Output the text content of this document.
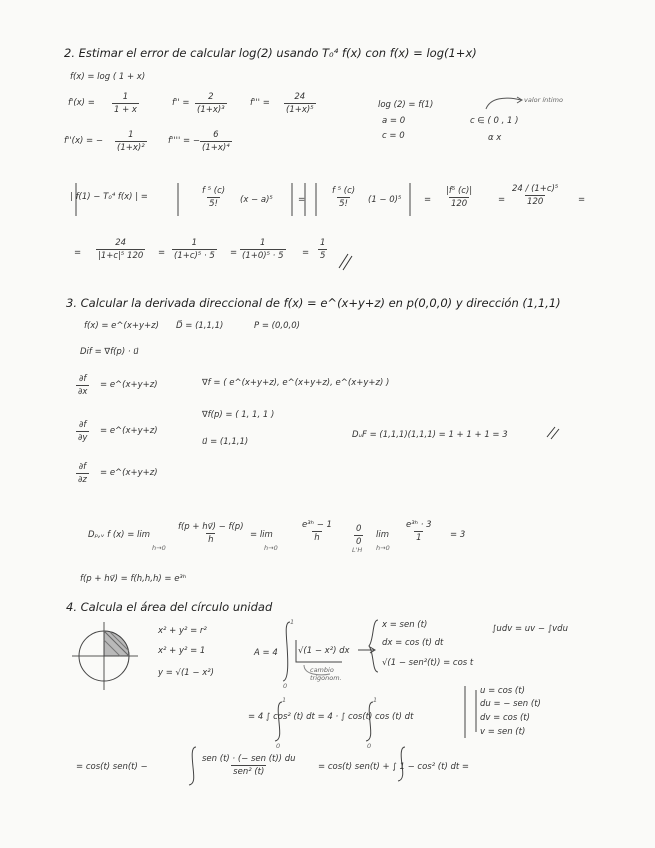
2. Estimar el error de calcular log(2) usando T₀⁴ f(x) con f(x) = log(1+x)
f(x) = log ( 1 + x)
$f'(x) = \frac{1}{1 + x}$	$f'' = \frac{2}{\text{(1+x)³}}$	$f''' = \frac{24}{\text{(1+x)⁵}}$
f''(x) = − $\frac{1}{\text{(1+x)²}}$	f'''' = − $\frac{6}{\text{(1+x)⁴}}$
log (2) = f(1)
a = 0
c = 0
c ∈ ( 0 , 1 )
α x
valor íntimo
| f(1) − T₀⁴ f(x) | =	$\frac{\text{f ⁵ (c)}}{5!} (x - a)^5$	=	$\frac{\text{f ⁵ (c)}}{5!} (1 - 0)^5$	= $\frac{\text{|f⁵ (c)|}}{120}$	= $\frac{\text{24 / (1+c)⁵}}{120}$ =
= $\frac{24}{\text{|1+c|⁵ 120}} = \frac{1}{\text{(1+c)⁵ · 5}} = \frac{1}{\text{(1+0)⁵ · 5}} = \frac{1}{5}$
3. Calcular la derivada direccional de f(x) = e^(x+y+z) en p(0,0,0) y dirección (1,1,1)
f(x) = e^(x+y+z) D⃗ = (1,1,1)	P = (0,0,0)
Dif = ∇f(p) · u⃗
$\frac{\partial f}{\partial x}$ = e^(x+y+z)
$\frac{\partial f}{\partial y}$ = e^(x+y+z)
$\frac{\partial f}{\partial z}$ = e^(x+y+z)
∇f = ( e^(x+y+z), e^(x+y+z), e^(x+y+z) )
∇f(p) = ( 1, 1, 1 )
u⃗ = (1,1,1)
DᵤF = (1,1,1)(1,1,1) = 1 + 1 + 1 = 3
Dₚ,ᵥ f (x) = lim
h→0
$\frac{f(p + hv⃗) - f(p)}{h} = \lim$
h→0
$\frac{\text{e³ʰ − 1}}{h} \frac{0}{0}$
L'H
lim
h→0
$\frac{\text{e³ʰ · 3}}{1} = 3$
f(p + hv⃗) = f(h,h,h) = e³ʰ
4. Calcula el área del círculo unidad
x² + y² = r²
x² + y² = 1
y = √(1 − x²)
A = 4
1
0
√(1 − x²) dx
cambio trigonom.
x = sen (t)
dx = cos (t) dt
√(1 − sen²(t)) = cos t
∫udv = uv − ∫vdu
1
0
1
0
= 4 ∫ cos² (t) dt = 4 · ∫ cos(t) cos (t) dt
u = cos (t)
du = − sen (t)
dv = cos (t)
v = sen (t)
= cos(t) sen(t) −
sen (t) · (− sen (t)) du
sen² (t)	= cos(t) sen(t) + ∫ 1 − cos² (t) dt =
